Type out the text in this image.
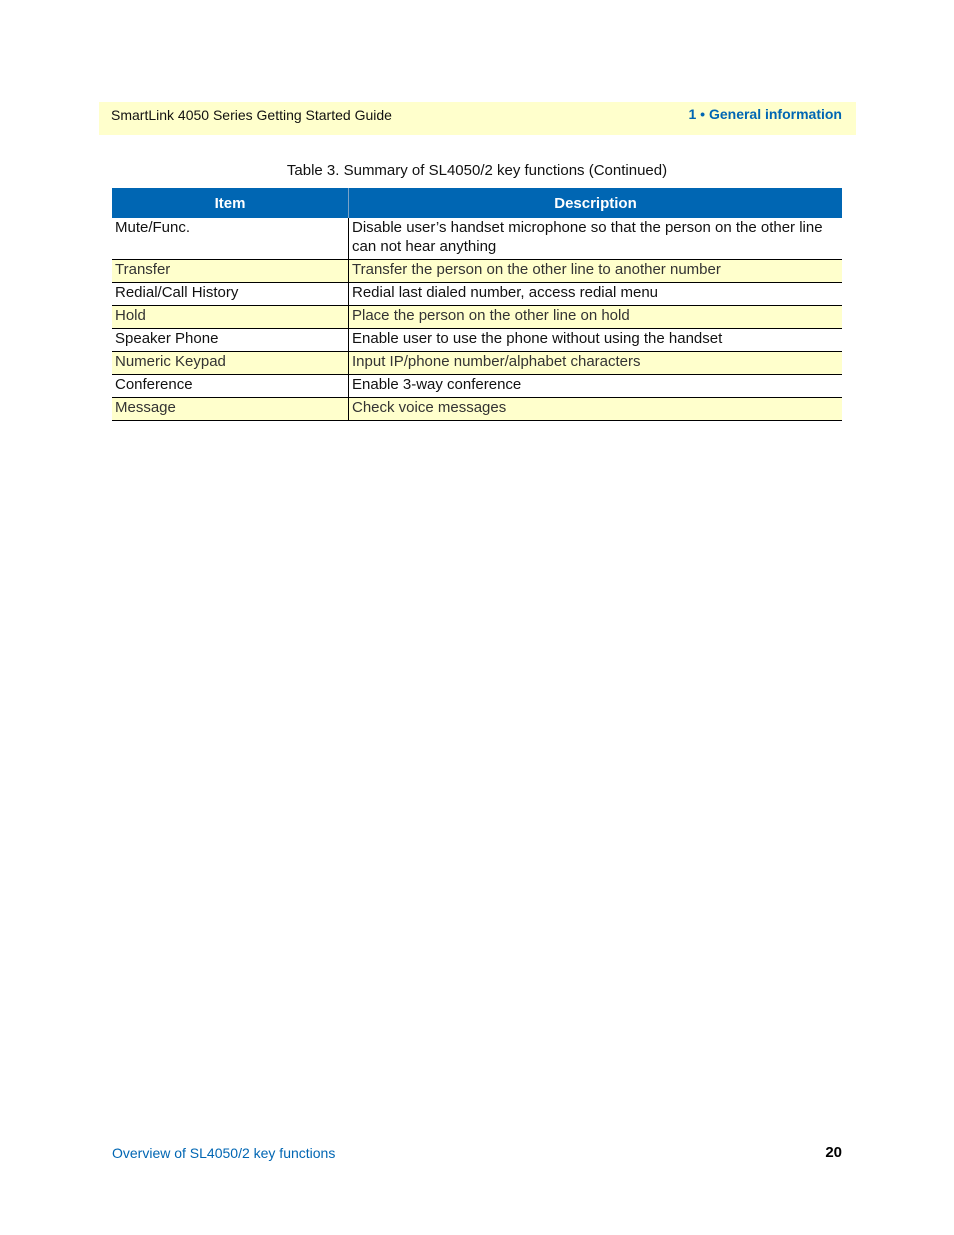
SmartLink 4050 Series Getting Started Guide	1 • General information
Table 3. Summary of SL4050/2 key functions (Continued)
Item	Description
Mute/Func.	Disable user’s handset microphone so that the person on the other line can not hear anything
Transfer	Transfer the person on the other line to another number
Redial/Call History	Redial last dialed number, access redial menu
Hold	Place the person on the other line on hold
Speaker Phone	Enable user to use the phone without using the handset
Numeric Keypad	Input IP/phone number/alphabet characters
Conference	Enable 3-way conference
Message	Check voice messages
Overview of SL4050/2 key functions	20
